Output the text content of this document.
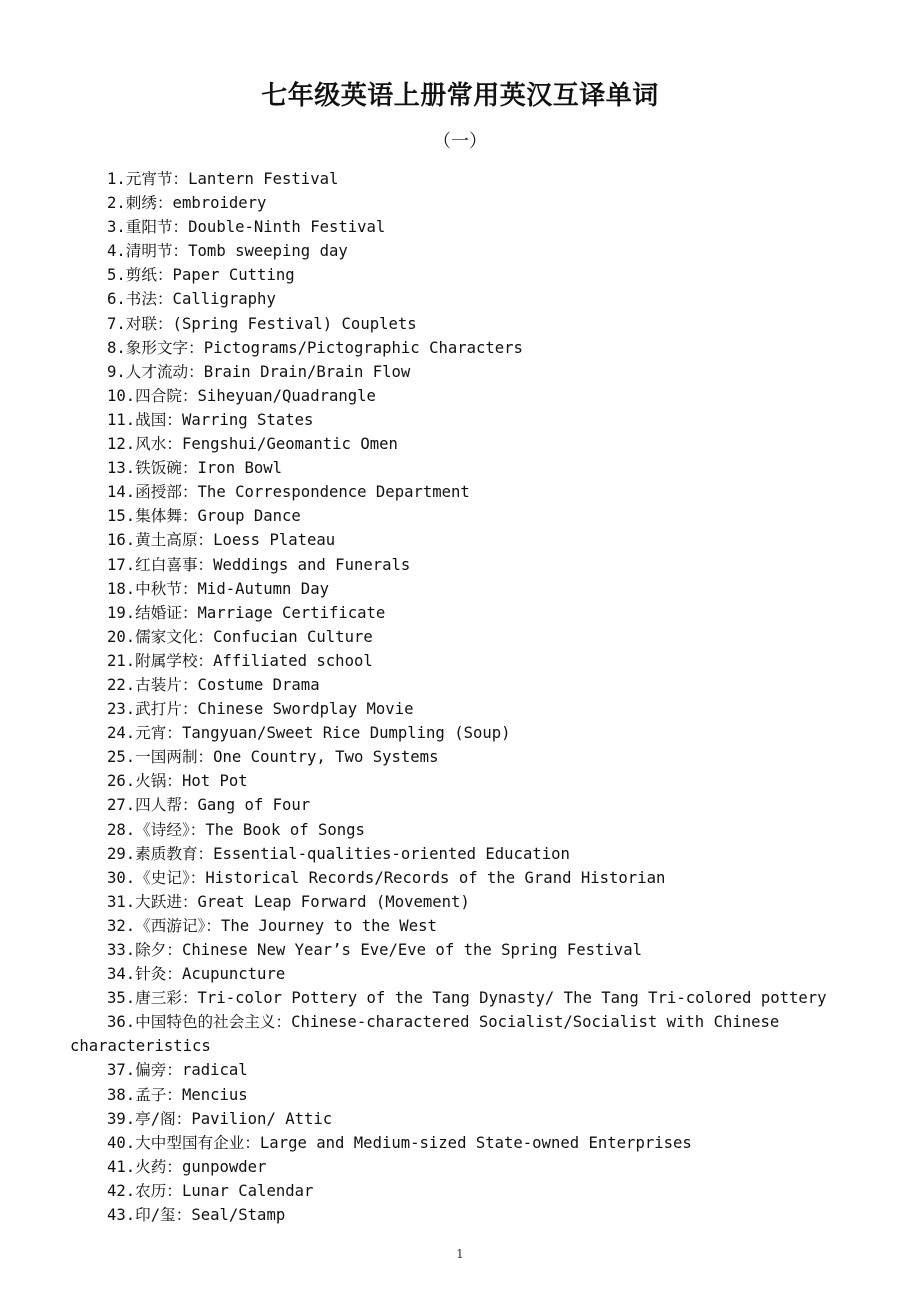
七年级英语上册常用英汉互译单词
（一）
1.元宵节：Lantern Festival
2.刺绣：embroidery
3.重阳节：Double-Ninth Festival
4.清明节：Tomb sweeping day
5.剪纸：Paper Cutting
6.书法：Calligraphy
7.对联：(Spring Festival) Couplets
8.象形文字：Pictograms/Pictographic Characters
9.人才流动：Brain Drain/Brain Flow
10.四合院：Siheyuan/Quadrangle
11.战国：Warring States
12.风水：Fengshui/Geomantic Omen
13.铁饭碗：Iron Bowl
14.函授部：The Correspondence Department
15.集体舞：Group Dance
16.黄土高原：Loess Plateau
17.红白喜事：Weddings and Funerals
18.中秋节：Mid-Autumn Day
19.结婚证：Marriage Certificate
20.儒家文化：Confucian Culture
21.附属学校：Affiliated school
22.古装片：Costume Drama
23.武打片：Chinese Swordplay Movie
24.元宵：Tangyuan/Sweet Rice Dumpling (Soup)
25.一国两制：One Country, Two Systems
26.火锅：Hot Pot
27.四人帮：Gang of Four
28.《诗经》：The Book of Songs
29.素质教育：Essential-qualities-oriented Education
30.《史记》：Historical Records/Records of the Grand Historian
31.大跃进：Great Leap Forward (Movement)
32.《西游记》：The Journey to the West
33.除夕：Chinese New Year’s Eve/Eve of the Spring Festival
34.针灸：Acupuncture
35.唐三彩：Tri-color Pottery of the Tang Dynasty/ The Tang Tri-colored pottery
36.中国特色的社会主义：Chinese-charactered Socialist/Socialist with Chinese characteristics
37.偏旁：radical
38.孟子：Mencius
39.亭/阁：Pavilion/ Attic
40.大中型国有企业：Large and Medium-sized State-owned Enterprises
41.火药：gunpowder
42.农历：Lunar Calendar
43.印/玺：Seal/Stamp
1
